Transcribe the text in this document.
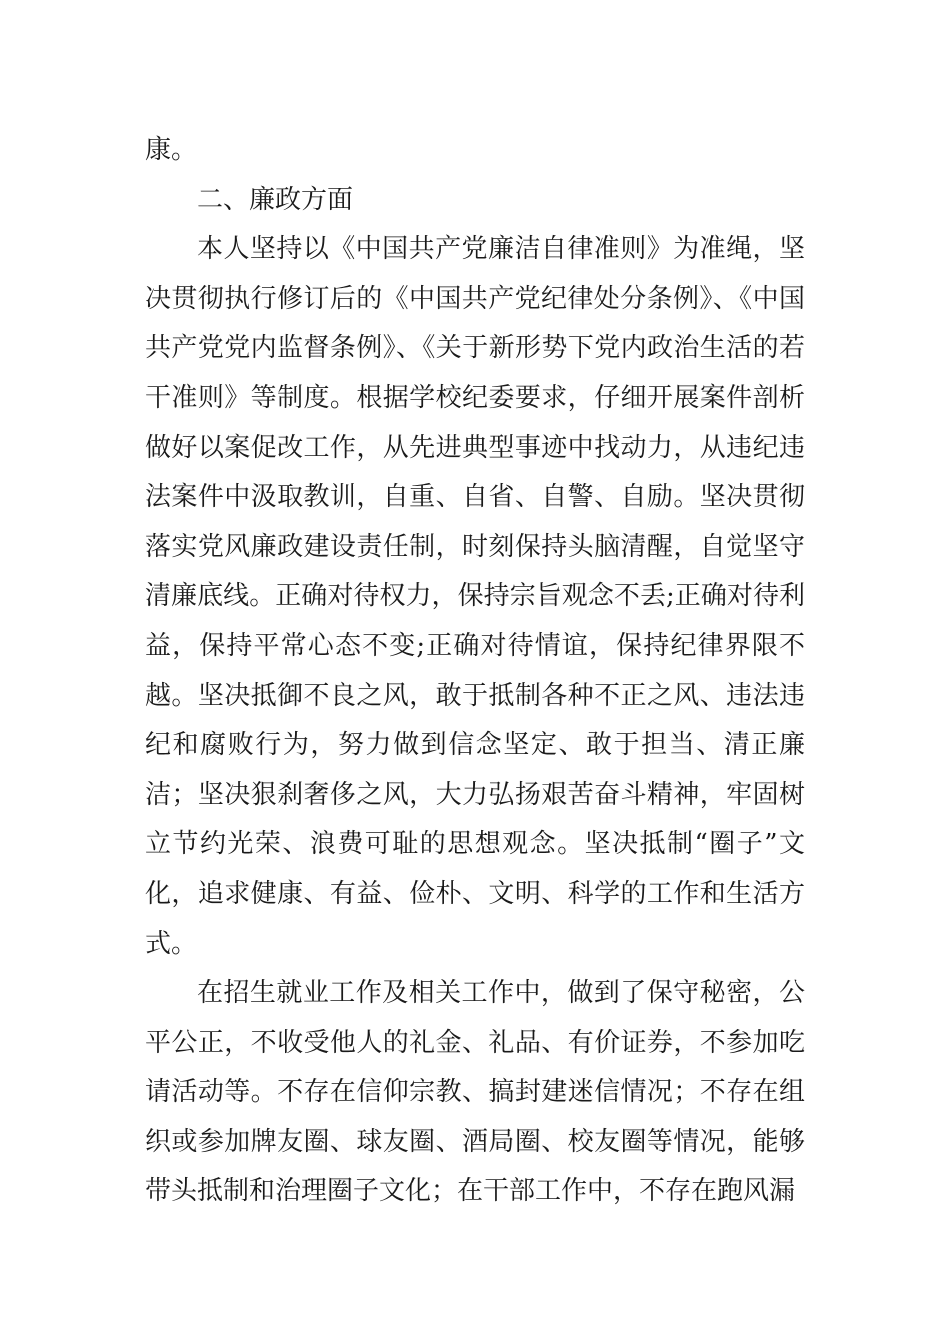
康。

二、廉政方面

本人坚持以《中国共产党廉洁自律准则》为准绳，坚决贯彻执行修订后的《中国共产党纪律处分条例》、《中国共产党党内监督条例》、《关于新形势下党内政治生活的若干准则》等制度。根据学校纪委要求，仔细开展案件剖析做好以案促改工作，从先进典型事迹中找动力，从违纪违法案件中汲取教训，自重、自省、自警、自励。坚决贯彻落实党风廉政建设责任制，时刻保持头脑清醒，自觉坚守清廉底线。正确对待权力，保持宗旨观念不丢;正确对待利益，保持平常心态不变;正确对待情谊，保持纪律界限不越。坚决抵御不良之风，敢于抵制各种不正之风、违法违纪和腐败行为，努力做到信念坚定、敢于担当、清正廉洁；坚决狠刹奢侈之风，大力弘扬艰苦奋斗精神，牢固树立节约光荣、浪费可耻的思想观念。坚决抵制“圈子”文化，追求健康、有益、俭朴、文明、科学的工作和生活方式。

在招生就业工作及相关工作中，做到了保守秘密，公平公正，不收受他人的礼金、礼品、有价证券，不参加吃请活动等。不存在信仰宗教、搞封建迷信情况；不存在组织或参加牌友圈、球友圈、酒局圈、校友圈等情况，能够带头抵制和治理圈子文化；在干部工作中，不存在跑风漏
